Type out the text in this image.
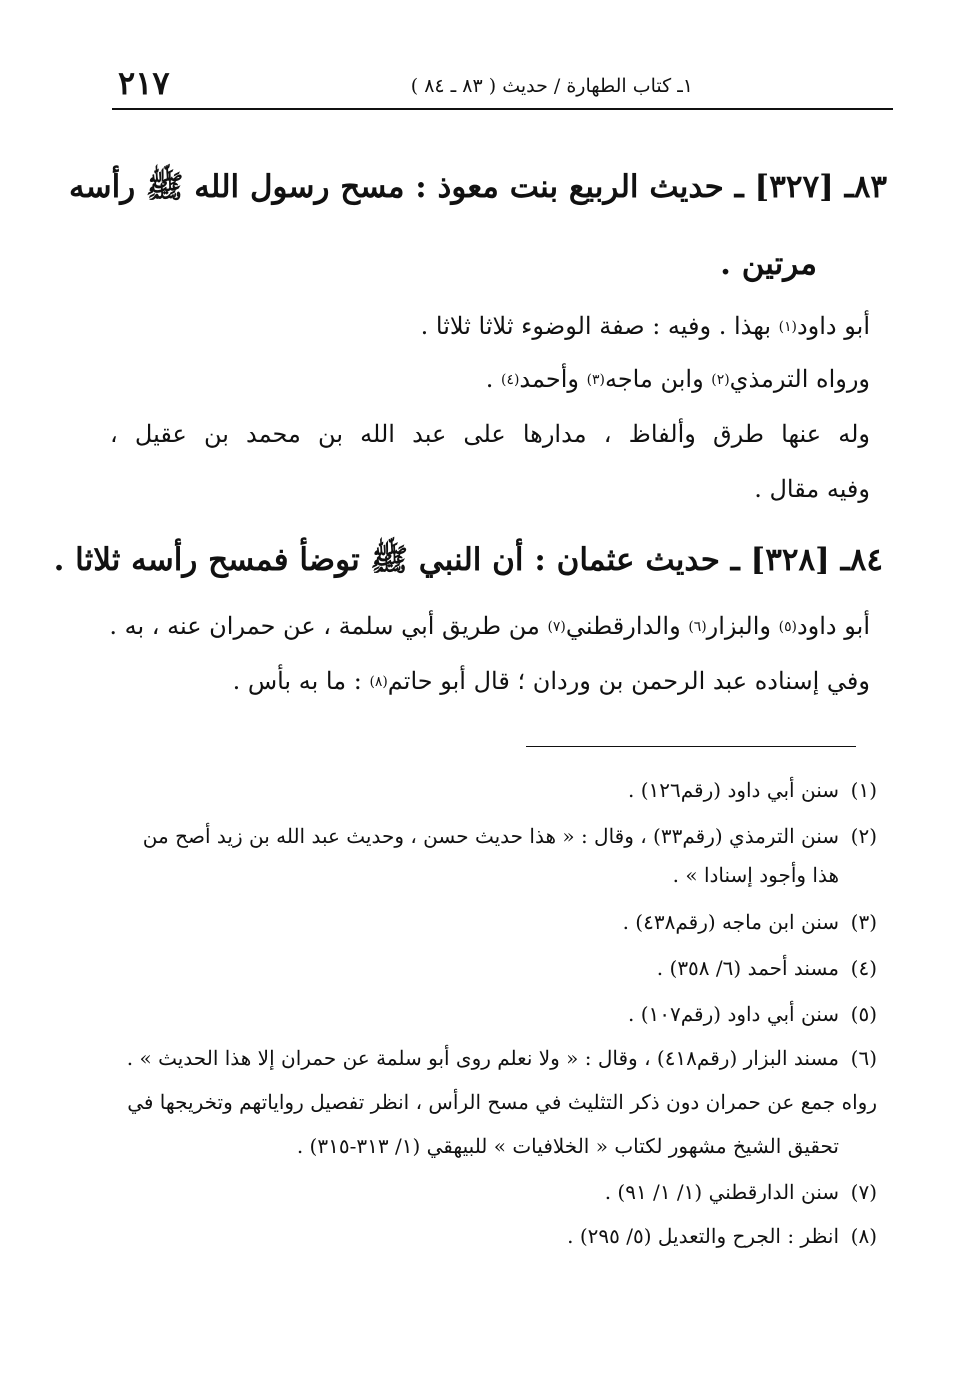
١ـ كتاب الطهارة / حديث ( ٨٣ ـ ٨٤ )
٢١٧
٨٣ـ [٣٢٧] ـ حديث الربيع بنت معوذ : مسح رسول الله ﷺ رأسه
مرتين .
أبو داود$^{(١)}$ بهذا . وفيه : صفة الوضوء ثلاثا ثلاثا .
ورواه الترمذي$^{(٢)}$ وابن ماجه$^{(٣)}$ وأحمد$^{(٤)}$ .
وله عنها طرق وألفاظ ، مدارها على عبد الله بن محمد بن عقيل ،
وفيه مقال .
٨٤ـ [٣٢٨] ـ حديث عثمان : أن النبي ﷺ توضأ فمسح رأسه ثلاثا .
أبو داود$^{(٥)}$ والبزار$^{(٦)}$ والدارقطني$^{(٧)}$ من طريق أبي سلمة ، عن حمران عنه ، به .
وفي إسناده عبد الرحمن بن وردان ؛ قال أبو حاتم$^{(٨)}$ : ما به بأس .
(١)سنن أبي داود (رقم١٢٦) .
(٢)سنن الترمذي (رقم٣٣) ، وقال : « هذا حديث حسن ، وحديث عبد الله بن زيد أصح من
هذا وأجود إسنادا » .
(٣)سنن ابن ماجه (رقم٤٣٨) .
(٤)مسند أحمد (٦/ ٣٥٨) .
(٥)سنن أبي داود (رقم١٠٧) .
(٦)مسند البزار (رقم٤١٨) ، وقال : « ولا نعلم روى أبو سلمة عن حمران إلا هذا الحديث » .
رواه جمع عن حمران دون ذكر التثليث في مسح الرأس ، انظر تفصيل رواياتهم وتخريجها في
تحقيق الشيخ مشهور لكتاب « الخلافيات » للبيهقي (١/ ٣١٣-٣١٥) .
(٧)سنن الدارقطني (١/ ١/ ٩١) .
(٨)انظر : الجرح والتعديل (٥/ ٢٩٥) .
